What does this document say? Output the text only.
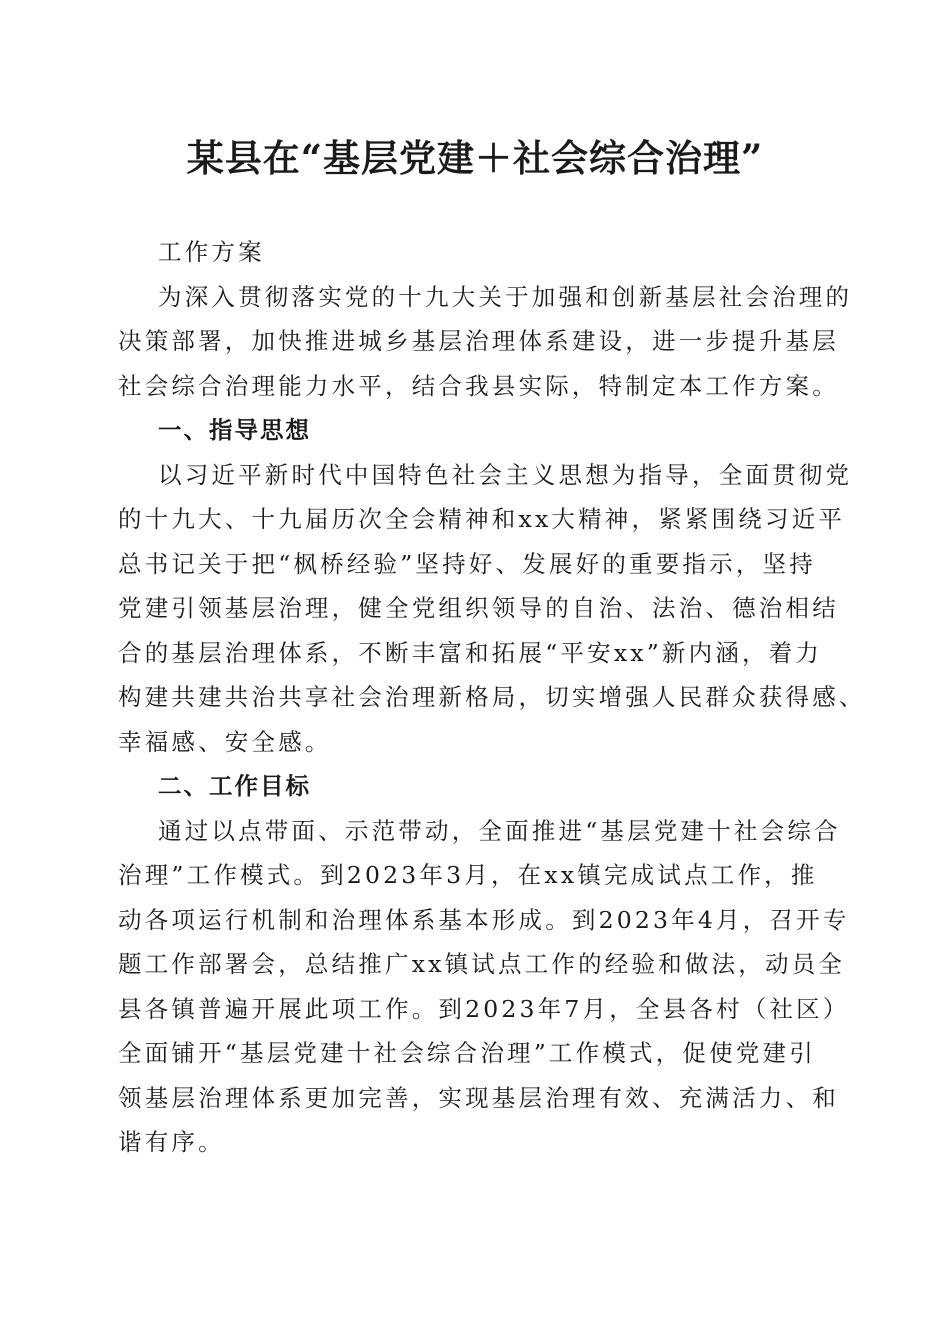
某县在“基层党建＋社会综合治理”
工作方案
为深入贯彻落实党的十九大关于加强和创新基层社会治理的
决策部署，加快推进城乡基层治理体系建设，进一步提升基层
社会综合治理能力水平，结合我县实际，特制定本工作方案。
一、指导思想
以习近平新时代中国特色社会主义思想为指导，全面贯彻党
的十九大、十九届历次全会精神和xx大精神，紧紧围绕习近平
总书记关于把“枫桥经验”坚持好、发展好的重要指示，坚持
党建引领基层治理，健全党组织领导的自治、法治、德治相结
合的基层治理体系，不断丰富和拓展“平安xx”新内涵，着力
构建共建共治共享社会治理新格局，切实增强人民群众获得感、
幸福感、安全感。
二、工作目标
通过以点带面、示范带动，全面推进“基层党建十社会综合
治理”工作模式。到2023年3月，在xx镇完成试点工作，推
动各项运行机制和治理体系基本形成。到2023年4月，召开专
题工作部署会，总结推广xx镇试点工作的经验和做法，动员全
县各镇普遍开展此项工作。到2023年7月，全县各村（社区）
全面铺开“基层党建十社会综合治理”工作模式，促使党建引
领基层治理体系更加完善，实现基层治理有效、充满活力、和
谐有序。
